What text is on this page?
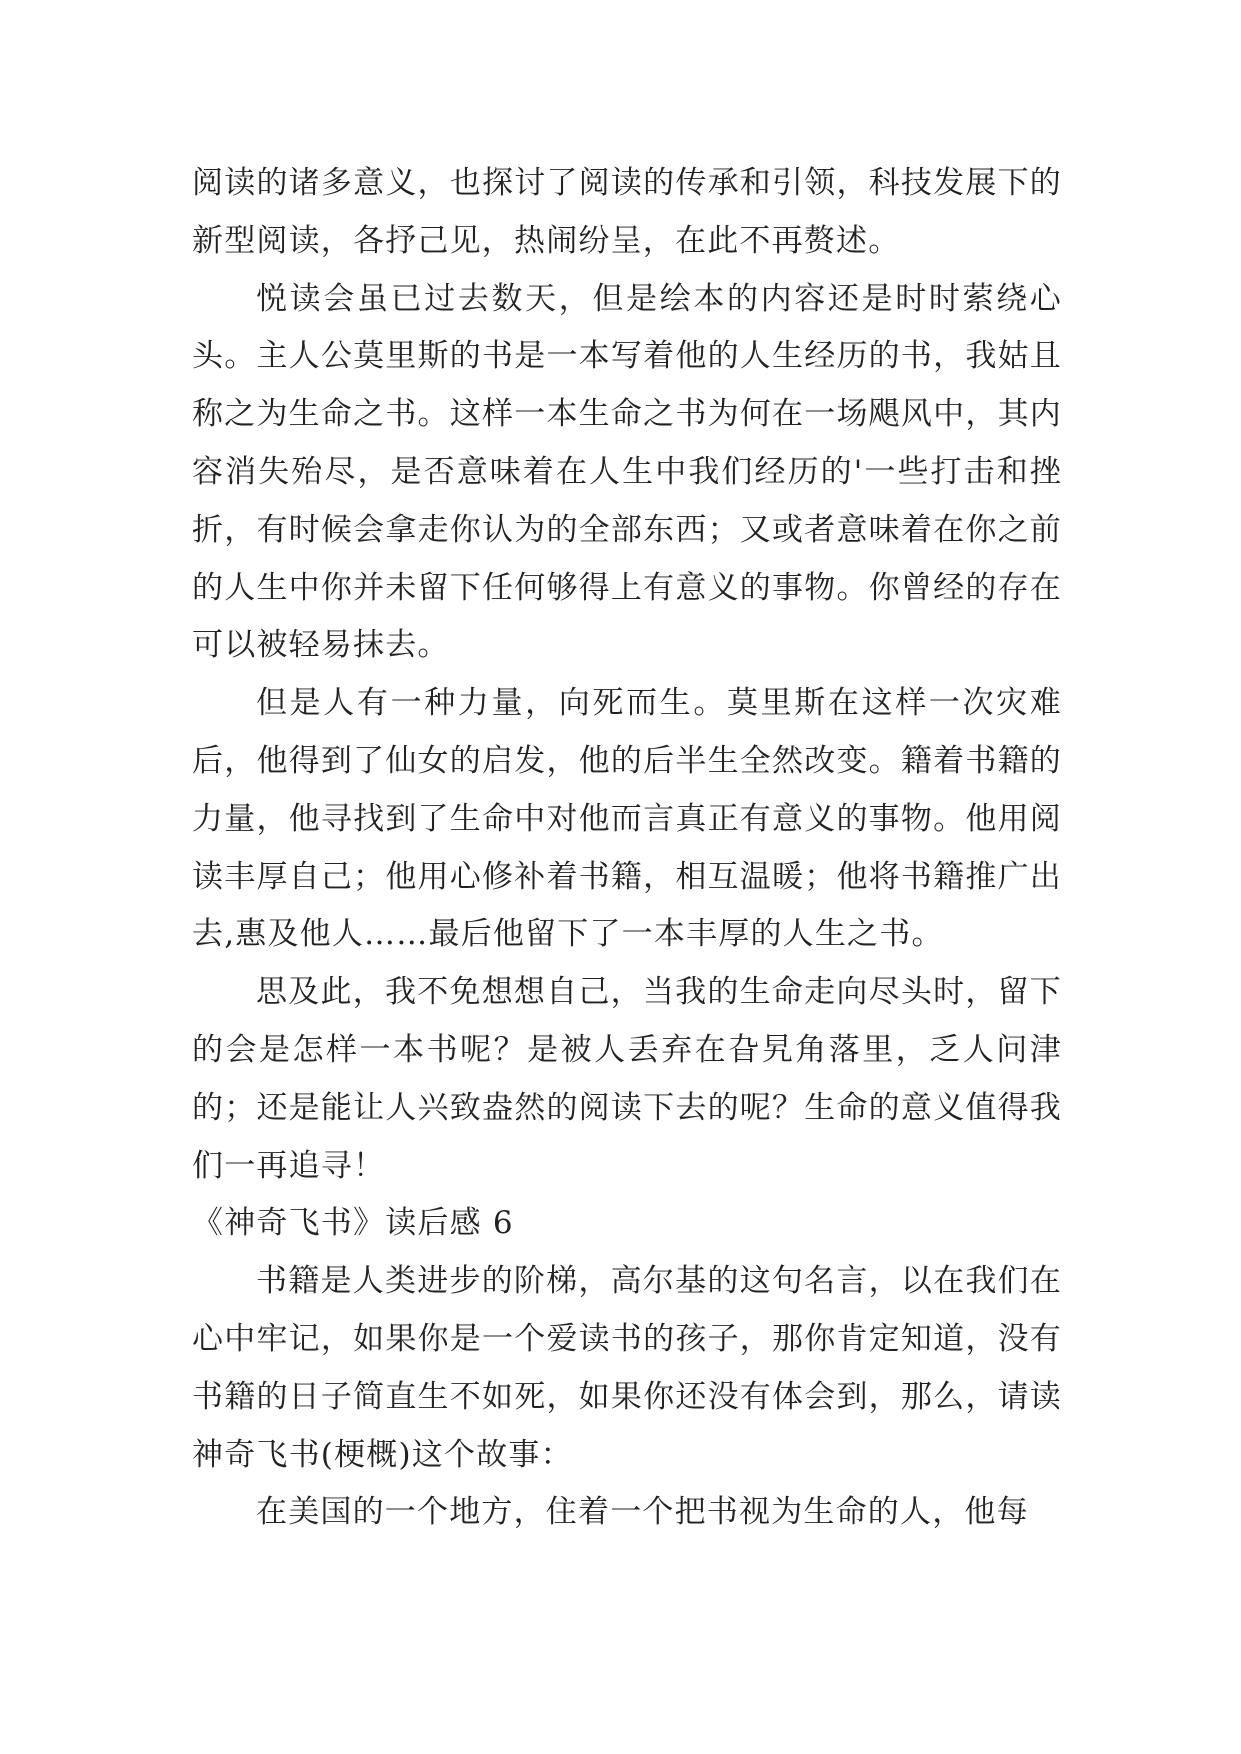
阅读的诸多意义，也探讨了阅读的传承和引领，科技发展下的新型阅读，各抒己见，热闹纷呈，在此不再赘述。

悦读会虽已过去数天，但是绘本的内容还是时时萦绕心头。主人公莫里斯的书是一本写着他的人生经历的书，我姑且称之为生命之书。这样一本生命之书为何在一场飓风中，其内容消失殆尽，是否意味着在人生中我们经历的'一些打击和挫折，有时候会拿走你认为的全部东西；又或者意味着在你之前的人生中你并未留下任何够得上有意义的事物。你曾经的存在可以被轻易抹去。

但是人有一种力量，向死而生。莫里斯在这样一次灾难后，他得到了仙女的启发，他的后半生全然改变。籍着书籍的力量，他寻找到了生命中对他而言真正有意义的事物。他用阅读丰厚自己；他用心修补着书籍，相互温暖；他将书籍推广出去,惠及他人……最后他留下了一本丰厚的人生之书。

思及此，我不免想想自己，当我的生命走向尽头时，留下的会是怎样一本书呢？是被人丢弃在旮旯角落里，乏人问津的；还是能让人兴致盎然的阅读下去的呢？生命的意义值得我们一再追寻！

《神奇飞书》读后感 6

书籍是人类进步的阶梯，高尔基的这句名言，以在我们在心中牢记，如果你是一个爱读书的孩子，那你肯定知道，没有书籍的日子简直生不如死，如果你还没有体会到，那么，请读神奇飞书(梗概)这个故事：

在美国的一个地方，住着一个把书视为生命的人，他每
